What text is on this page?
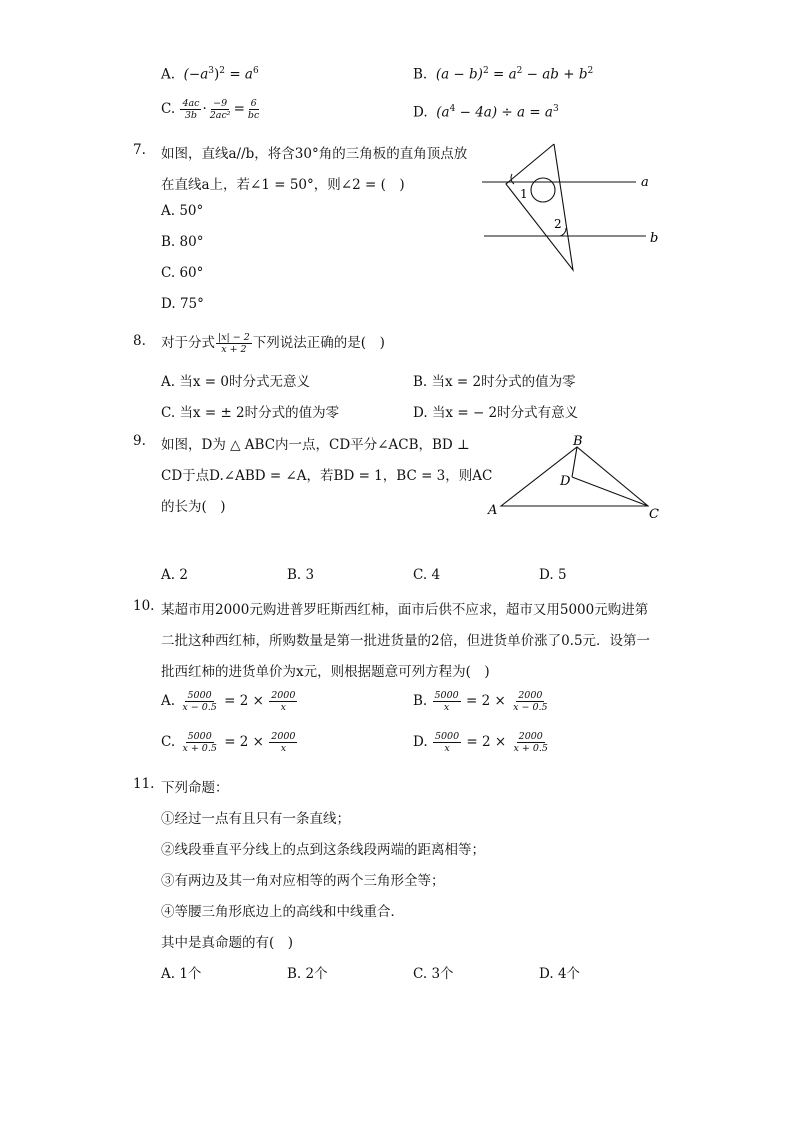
A. $(-a^3)^2 = a^6$	B. $(a - b)^2 = a^2$ − ab + $b^2$
C. $\frac{4ac}{3b} \cdot \frac{-9}{\text{2ac²}} = \frac{6}{bc}$	D. $(a^4 - 4a) \div a = a^3$
7. 如图，直线a//b，将含30°角的三角板的直角顶点放
在直线a上，若∠1 = 50°，则∠2 = (　)
A. 50°
B. 80°
C. 60°
D. 75°
a
b
1
2
8. 对于分式 $\frac{|x| - 2}{x + 2}$ 下列说法正确的是(　)
A. 当x = 0时分式无意义	B. 当x = 2时分式的值为零
C. 当x = ± 2时分式的值为零	D. 当x = − 2时分式有意义
9. 如图，D为 △ ABC内一点，CD平分∠ACB，BD ⊥
CD于点D.∠ABD = ∠A，若BD = 1，BC = 3，则AC
的长为(　)	A
B
C
D
A. 2	B. 3	C. 4	D. 5
10. 某超市用2000元购进普罗旺斯西红柿，面市后供不应求，超市又用5000元购进第
二批这种西红柿，所购数量是第一批进货量的2倍，但进货单价涨了0.5元．设第一
批西红柿的进货单价为x元，则根据题意可列方程为(　)
A. $\frac{5000}{x - 0.5} = 2 \times \frac{2000}{x}$	B. $\frac{5000}{x} = 2 \times \frac{2000}{x - 0.5}$
C. $\frac{5000}{x + 0.5} = 2 \times \frac{2000}{x}$	D. $\frac{5000}{x} = 2 \times \frac{2000}{x + 0.5}$
11. 下列命题：
①经过一点有且只有一条直线；
②线段垂直平分线上的点到这条线段两端的距离相等；
③有两边及其一角对应相等的两个三角形全等；
④等腰三角形底边上的高线和中线重合．
其中是真命题的有(　)
A. 1个	B. 2个	C. 3个	D. 4个
